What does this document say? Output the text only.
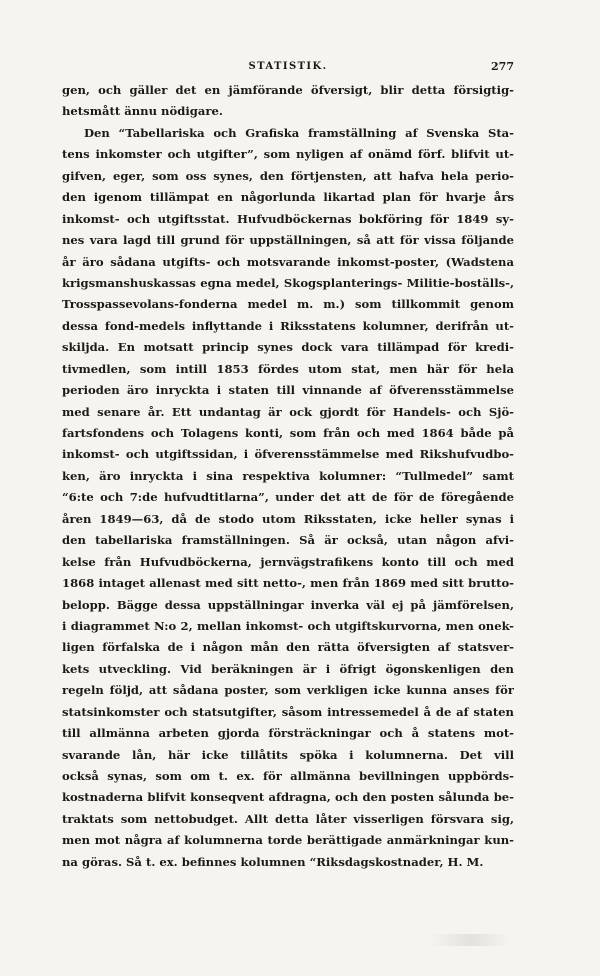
STATISTIK.	277
gen, och gäller det en jämförande öfversigt, blir detta försigtig-
hetsmått ännu nödigare.
Den “Tabellariska och Grafiska framställning af Svenska Sta-
tens inkomster och utgifter”, som nyligen af onämd förf. blifvit ut-
gifven, eger, som oss synes, den förtjensten, att hafva hela perio-
den igenom tillämpat en någorlunda likartad plan för hvarje års
inkomst- och utgiftsstat. Hufvudböckernas bokföring för 1849 sy-
nes vara lagd till grund för uppställningen, så att för vissa följande
år äro sådana utgifts- och motsvarande inkomst-poster, (Wadstena
krigsmanshuskassas egna medel, Skogsplanterings- Militie-boställs-,
Trosspassevolans-fonderna medel m. m.) som tillkommit genom
dessa fond-medels inflyttande i Riksstatens kolumner, derifrån ut-
skiljda. En motsatt princip synes dock vara tillämpad för kredi-
tivmedlen, som intill 1853 fördes utom stat, men här för hela
perioden äro inryckta i staten till vinnande af öfverensstämmelse
med senare år. Ett undantag är ock gjordt för Handels- och Sjö-
fartsfondens och Tolagens konti, som från och med 1864 både på
inkomst- och utgiftssidan, i öfverensstämmelse med Rikshufvudbo-
ken, äro inryckta i sina respektiva kolumner: “Tullmedel” samt
“6:te och 7:de hufvudtitlarna”, under det att de för de föregående
åren 1849—63, då de stodo utom Riksstaten, icke heller synas i
den tabellariska framställningen. Så är också, utan någon afvi-
kelse från Hufvudböckerna, jernvägstrafikens konto till och med
1868 intaget allenast med sitt netto-, men från 1869 med sitt brutto-
belopp. Bägge dessa uppställningar inverka väl ej på jämförelsen,
i diagrammet N:o 2, mellan inkomst- och utgiftskurvorna, men onek-
ligen förfalska de i någon mån den rätta öfversigten af statsver-
kets utveckling. Vid beräkningen är i öfrigt ögonskenligen den
regeln följd, att sådana poster, som verkligen icke kunna anses för
statsinkomster och statsutgifter, såsom intressemedel å de af staten
till allmänna arbeten gjorda försträckningar och å statens mot-
svarande lån, här icke tillåtits spöka i kolumnerna. Det vill
också synas, som om t. ex. för allmänna bevillningen uppbörds-
kostnaderna blifvit konseqvent afdragna, och den posten sålunda be-
traktats som nettobudget. Allt detta låter visserligen försvara sig,
men mot några af kolumnerna torde berättigade anmärkningar kun-
na göras. Så t. ex. befinnes kolumnen “Riksdagskostnader, H. M.
